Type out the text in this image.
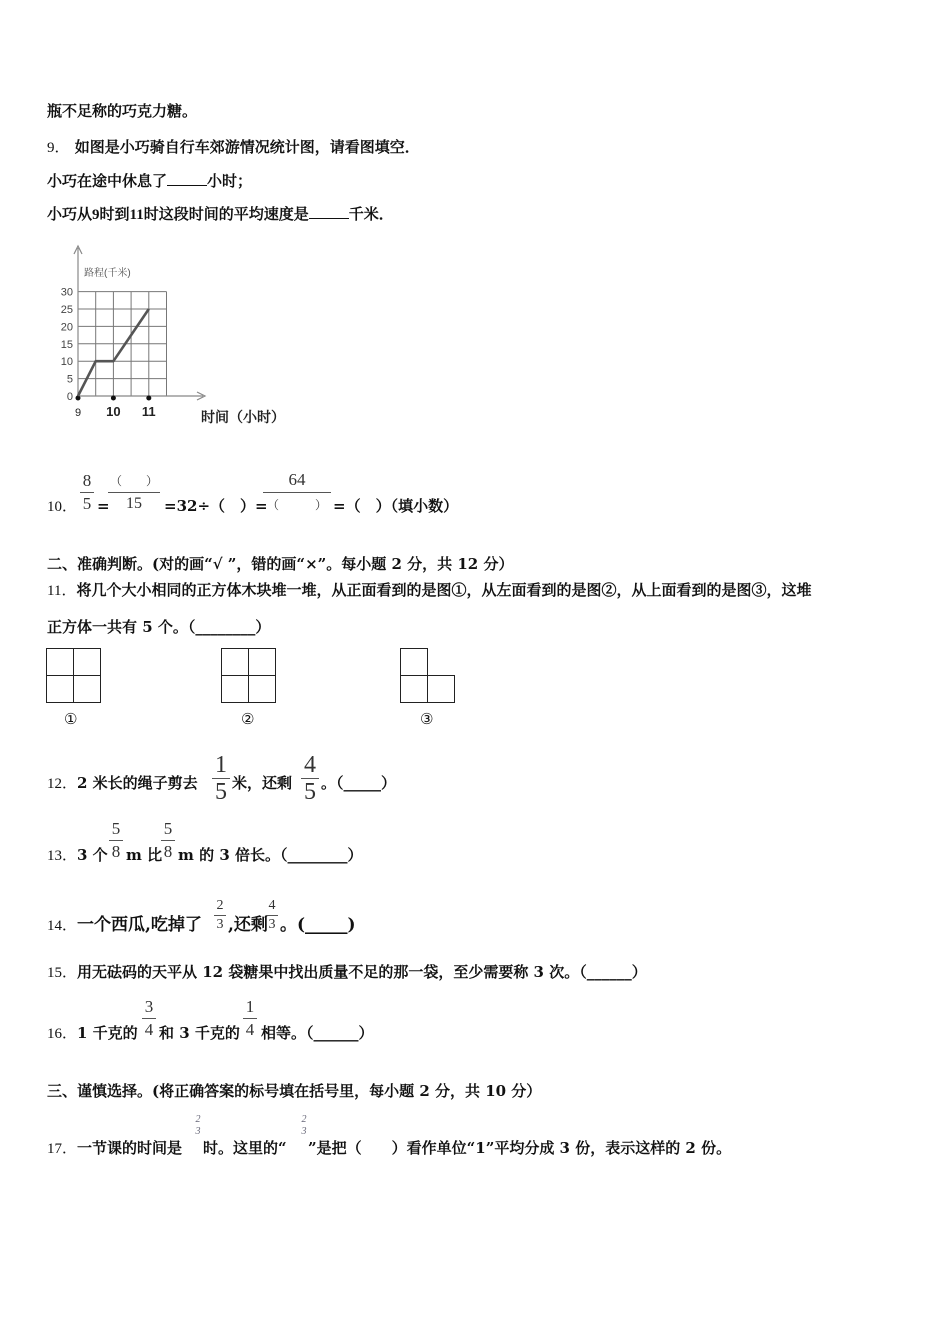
瓶不足称的巧克力糖。
9． 如图是小巧骑自行车郊游情况统计图，请看图填空．
小巧在途中休息了	小时；
小巧从9时到11时这段时间的平均速度是	千米．
路程(千米)
30
25
20
15
10
5
0
9 10 11	时间（小时）
10． $\frac{8}{5}$ =
（　　）
15	=32÷（　）=
64
（　　　） =（　）（填小数）
二、准确判断。(对的画“√ ”，错的画“×”。每小题 2 分，共 12 分）
11．将几个大小相同的正方体木块堆一堆，从正面看到的是图①，从左面看到的是图②，从上面看到的是图③，这堆
正方体一共有 5 个。（________）
①	②	③
12．2 米长的绳子剪去 $\frac{1}{5}$ 米，还剩 $\frac{4}{5}$ 。（_____）
13．3 个 $\frac{5}{8}$ m 比
$\frac{5}{8}$ m 的 3 倍长。（________）
14．一个西瓜,吃掉了 $\frac{2}{3}$ ,还剩
$\frac{4}{3}$ 。(_____)
15．用无砝码的天平从 12 袋糖果中找出质量不足的那一袋，至少需要称 3 次。（______）
16．1 千克的 $\frac{3}{4}$ 和 3 千克的 $\frac{1}{4}$ 相等。（______）
三、谨慎选择。(将正确答案的标号填在括号里，每小题 2 分，共 10 分）
17．一节课的时间是
2
3
时。这里的“
2
3
”是把（　　）看作单位“1”平均分成 3 份，表示这样的 2 份。
